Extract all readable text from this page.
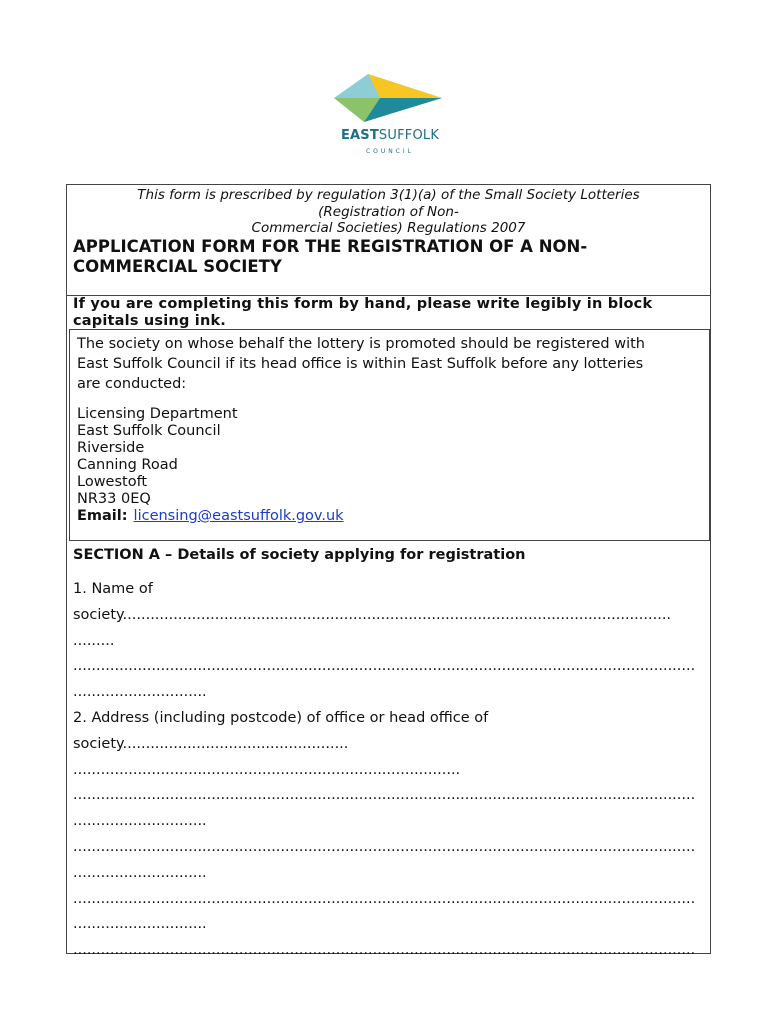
EASTSUFFOLK
COUNCIL
This form is prescribed by regulation 3(1)(a) of the Small Society Lotteries
(Registration of Non-
Commercial Societies) Regulations 2007
APPLICATION FORM FOR THE REGISTRATION OF A NON-
COMMERCIAL SOCIETY
If you are completing this form by hand, please write legibly in block
capitals using ink.
The society on whose behalf the lottery is promoted should be registered with
East Suffolk Council if its head office is within East Suffolk before any lotteries
are conducted:
Licensing Department
East Suffolk Council
Riverside
Canning Road
Lowestoft
NR33 0EQ
Email: licensing@eastsuffolk.gov.uk
SECTION A – Details of society applying for registration
1. Name of
society.......................................................................................................................
.........
.......................................................................................................................................
.............................
2. Address (including postcode) of office or head office of
society.................................................
....................................................................................
.......................................................................................................................................
.............................
.......................................................................................................................................
.............................
.......................................................................................................................................
.............................
.......................................................................................................................................
